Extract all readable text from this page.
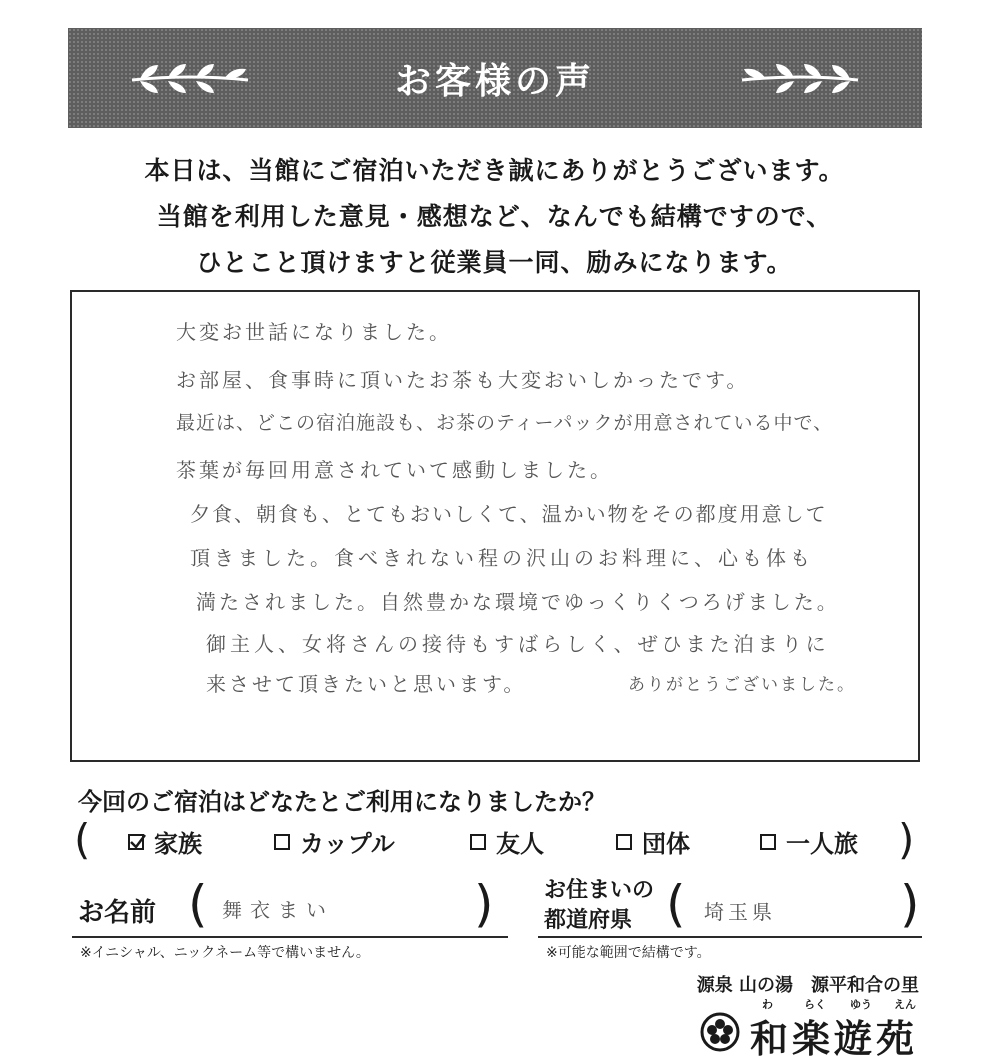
お客様の声
本日は、当館にご宿泊いただき誠にありがとうございます。
当館を利用した意見・感想など、なんでも結構ですので、
ひとこと頂けますと従業員一同、励みになります。
大変お世話になりました。
お部屋、食事時に頂いたお茶も大変おいしかったです。
最近は、どこの宿泊施設も、お茶のティーパックが用意されている中で、
茶葉が毎回用意されていて感動しました。
夕食、朝食も、とてもおいしくて、温かい物をその都度用意して
頂きました。食べきれない程の沢山のお料理に、心も体も
満たされました。自然豊かな環境でゆっくりくつろげました。
御主人、女将さんの接待もすばらしく、ぜひまた泊まりに
来させて頂きたいと思います。	ありがとうございました。
今回のご宿泊はどなたとご利用になりましたか？
(	家族	カップル	友人	団体	一人旅 )
お名前 ( 舞衣まい	)
※イニシャル、ニックネーム等で構いません。
お住まいの
都道府県 ( 埼玉県 )
※可能な範囲で結構です。
源泉 山の湯　源平和合の里
わ	らく ゆう えん
和楽遊苑
